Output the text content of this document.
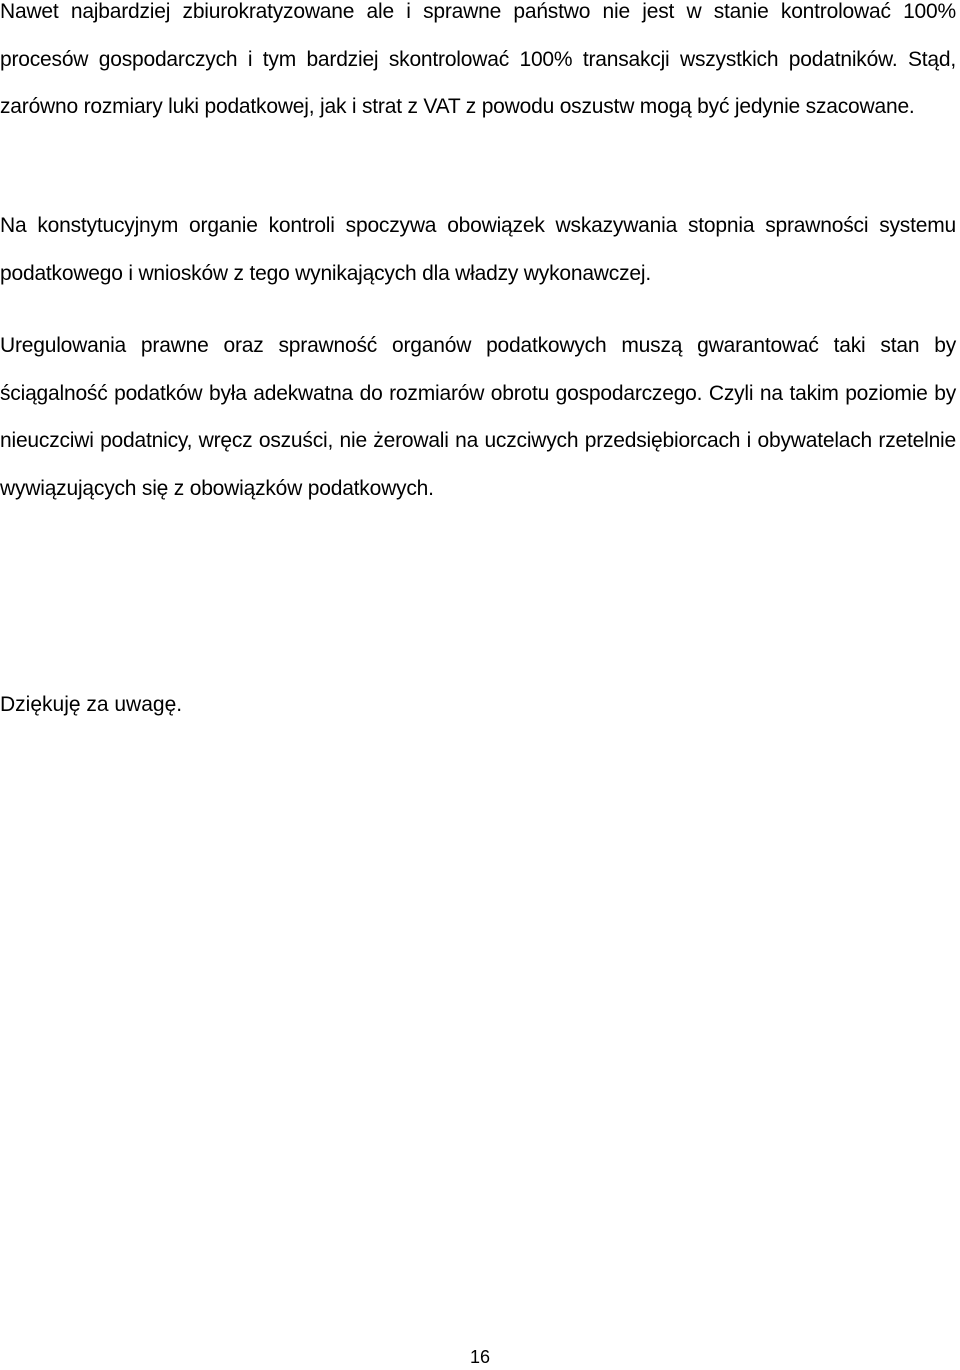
Nawet najbardziej zbiurokratyzowane ale i sprawne państwo nie jest w stanie kontrolować 100% procesów gospodarczych i tym bardziej skontrolować 100% transakcji wszystkich podatników. Stąd, zarówno rozmiary luki podatkowej, jak i strat z VAT z powodu oszustw mogą być jedynie szacowane.

Na konstytucyjnym organie kontroli spoczywa obowiązek wskazywania stopnia sprawności systemu podatkowego i wniosków z tego wynikających dla władzy wykonawczej.

Uregulowania prawne oraz sprawność organów podatkowych muszą gwarantować taki stan by ściągalność podatków była adekwatna do rozmiarów obrotu gospodarczego. Czyli na takim poziomie by nieuczciwi podatnicy, wręcz oszuści, nie żerowali na uczciwych przedsiębiorcach i obywatelach rzetelnie wywiązujących się z obowiązków podatkowych.

Dziękuję za uwagę.

16
